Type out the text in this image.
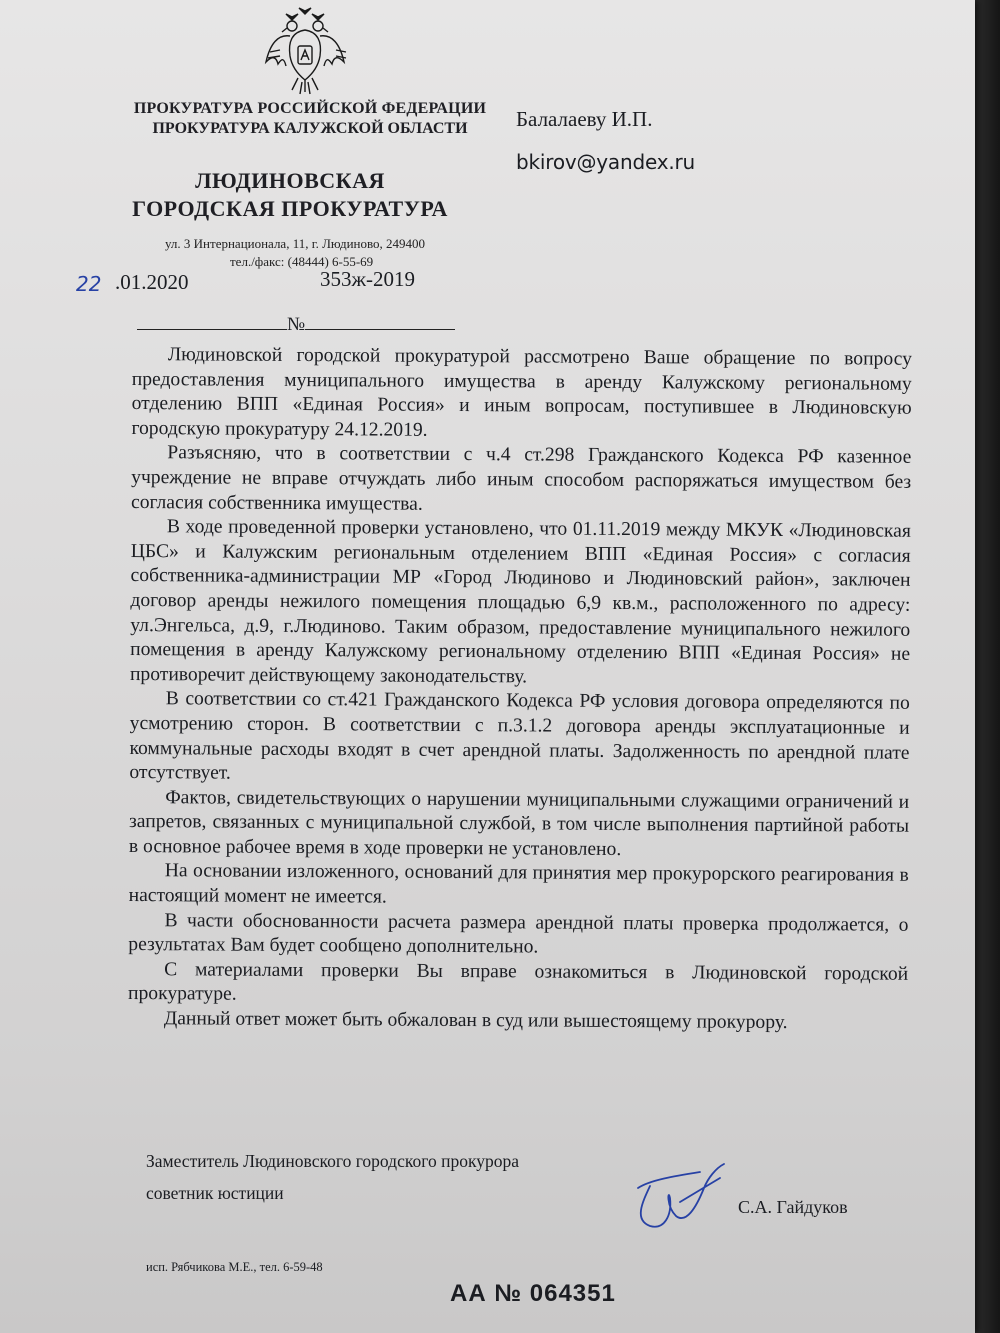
ПРОКУРАТУРА РОССИЙСКОЙ ФЕДЕРАЦИИ
ПРОКУРАТУРА КАЛУЖСКОЙ ОБЛАСТИ
ЛЮДИНОВСКАЯ
ГОРОДСКАЯ ПРОКУРАТУРА
ул. 3 Интернационала, 11, г. Людиново, 249400
тел./факс: (48444) 6-55-69
22 .01.2020	353ж-2019
№
Балалаеву И.П.
bkirov@yandex.ru

Людиновской городской прокуратурой рассмотрено Ваше обращение по вопросу предоставления муниципального имущества в аренду Калужскому региональному отделению ВПП «Единая Россия» и иным вопросам, поступившее в Людиновскую городскую прокуратуру 24.12.2019.

Разъясняю, что в соответствии с ч.4 ст.298 Гражданского Кодекса РФ казенное учреждение не вправе отчуждать либо иным способом распоряжаться имуществом без согласия собственника имущества.

В ходе проведенной проверки установлено, что 01.11.2019 между МКУК «Людиновская ЦБС» и Калужским региональным отделением ВПП «Единая Россия» с согласия собственника-администрации МР «Город Людиново и Людиновский район», заключен договор аренды нежилого помещения площадью 6,9 кв.м., расположенного по адресу: ул.Энгельса, д.9, г.Людиново. Таким образом, предоставление муниципального нежилого помещения в аренду Калужскому региональному отделению ВПП «Единая Россия» не противоречит действующему законодательству.

В соответствии со ст.421 Гражданского Кодекса РФ условия договора определяются по усмотрению сторон. В соответствии с п.3.1.2 договора аренды эксплуатационные и коммунальные расходы входят в счет арендной платы. Задолженность по арендной плате отсутствует.

Фактов, свидетельствующих о нарушении муниципальными служащими ограничений и запретов, связанных с муниципальной службой, в том числе выполнения партийной работы в основное рабочее время в ходе проверки не установлено.

На основании изложенного, оснований для принятия мер прокурорского реагирования в настоящий момент не имеется.

В части обоснованности расчета размера арендной платы проверка продолжается, о результатах Вам будет сообщено дополнительно.

С материалами проверки Вы вправе ознакомиться в Людиновской городской прокуратуре.

Данный ответ может быть обжалован в суд или вышестоящему прокурору.

Заместитель Людиновского городского прокурора
советник юстиции
С.А. Гайдуков
исп. Рябчикова М.Е., тел. 6-59-48
АА № 064351
